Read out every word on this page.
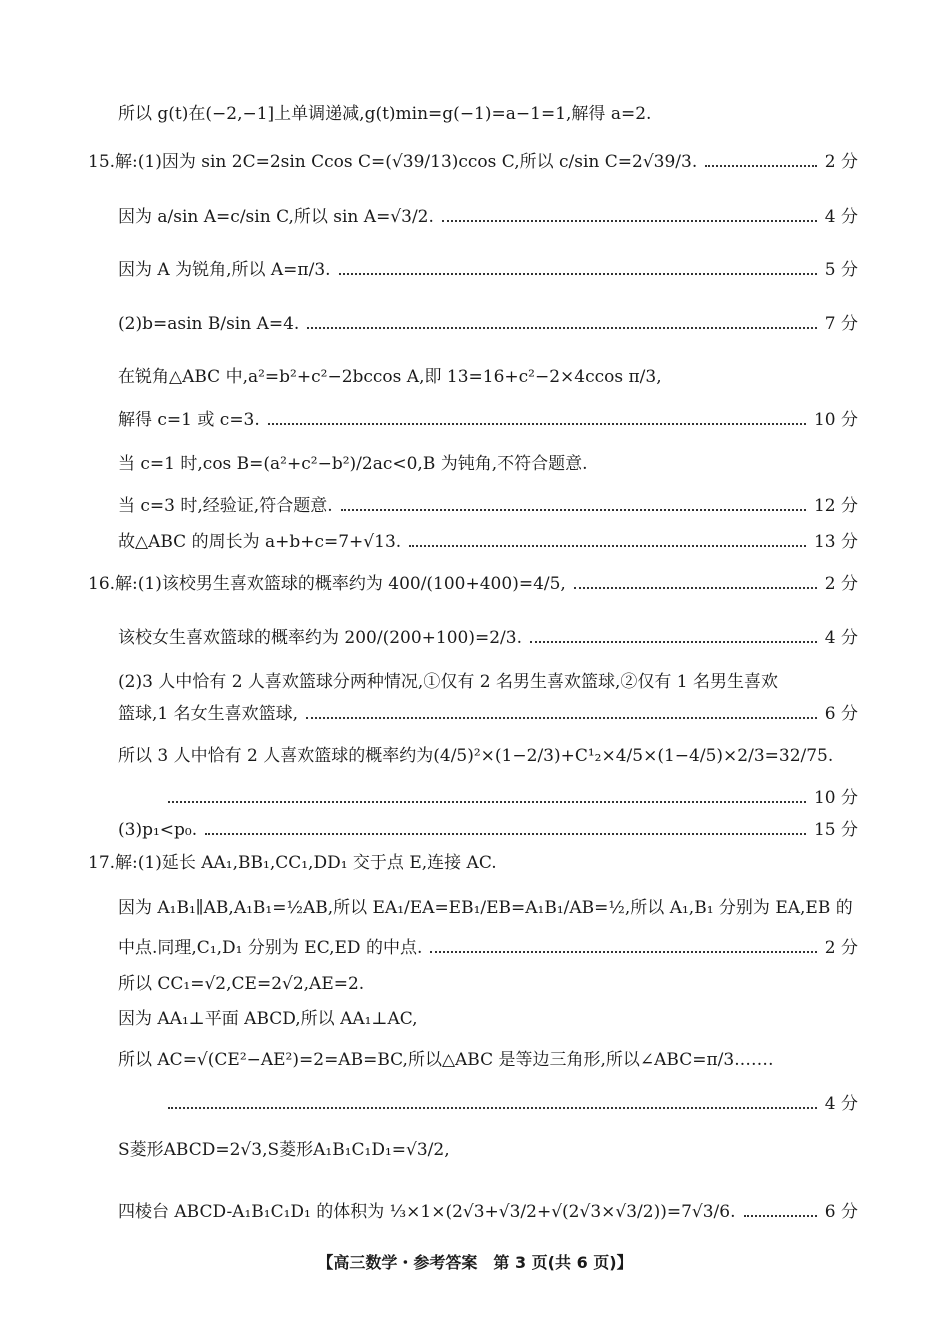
所以 g(t)在(−2,−1]上单调递减,g(t)min=g(−1)=a−1=1,解得 a=2.
15.解:(1)因为 sin 2C=2sin Ccos C=(√39/13)ccos C,所以 c/sin C=2√39/3.	2 分
因为 a/sin A=c/sin C,所以 sin A=√3/2.	4 分
因为 A 为锐角,所以 A=π/3.	5 分
(2)b=asin B/sin A=4.	7 分
在锐角△ABC 中,a²=b²+c²−2bccos A,即 13=16+c²−2×4ccos π/3,
解得 c=1 或 c=3.	10 分
当 c=1 时,cos B=(a²+c²−b²)/2ac<0,B 为钝角,不符合题意.
当 c=3 时,经验证,符合题意.	12 分
故△ABC 的周长为 a+b+c=7+√13.	13 分
16.解:(1)该校男生喜欢篮球的概率约为 400/(100+400)=4/5,	2 分
该校女生喜欢篮球的概率约为 200/(200+100)=2/3.	4 分
(2)3 人中恰有 2 人喜欢篮球分两种情况,①仅有 2 名男生喜欢篮球,②仅有 1 名男生喜欢
篮球,1 名女生喜欢篮球,	6 分
所以 3 人中恰有 2 人喜欢篮球的概率约为(4/5)²×(1−2/3)+C¹₂×4/5×(1−4/5)×2/3=32/75.
10 分
(3)p₁<p₀.	15 分
17.解:(1)延长 AA₁,BB₁,CC₁,DD₁ 交于点 E,连接 AC.
因为 A₁B₁∥AB,A₁B₁=½AB,所以 EA₁/EA=EB₁/EB=A₁B₁/AB=½,所以 A₁,B₁ 分别为 EA,EB 的
中点.同理,C₁,D₁ 分别为 EC,ED 的中点.	2 分
所以 CC₁=√2,CE=2√2,AE=2.
因为 AA₁⊥平面 ABCD,所以 AA₁⊥AC,
所以 AC=√(CE²−AE²)=2=AB=BC,所以△ABC 是等边三角形,所以∠ABC=π/3.……
4 分
S菱形ABCD=2√3,S菱形A₁B₁C₁D₁=√3/2,
四棱台 ABCD-A₁B₁C₁D₁ 的体积为 ⅓×1×(2√3+√3/2+√(2√3×√3/2))=7√3/6.	6 分
【高三数学・参考答案　第 3 页(共 6 页)】
